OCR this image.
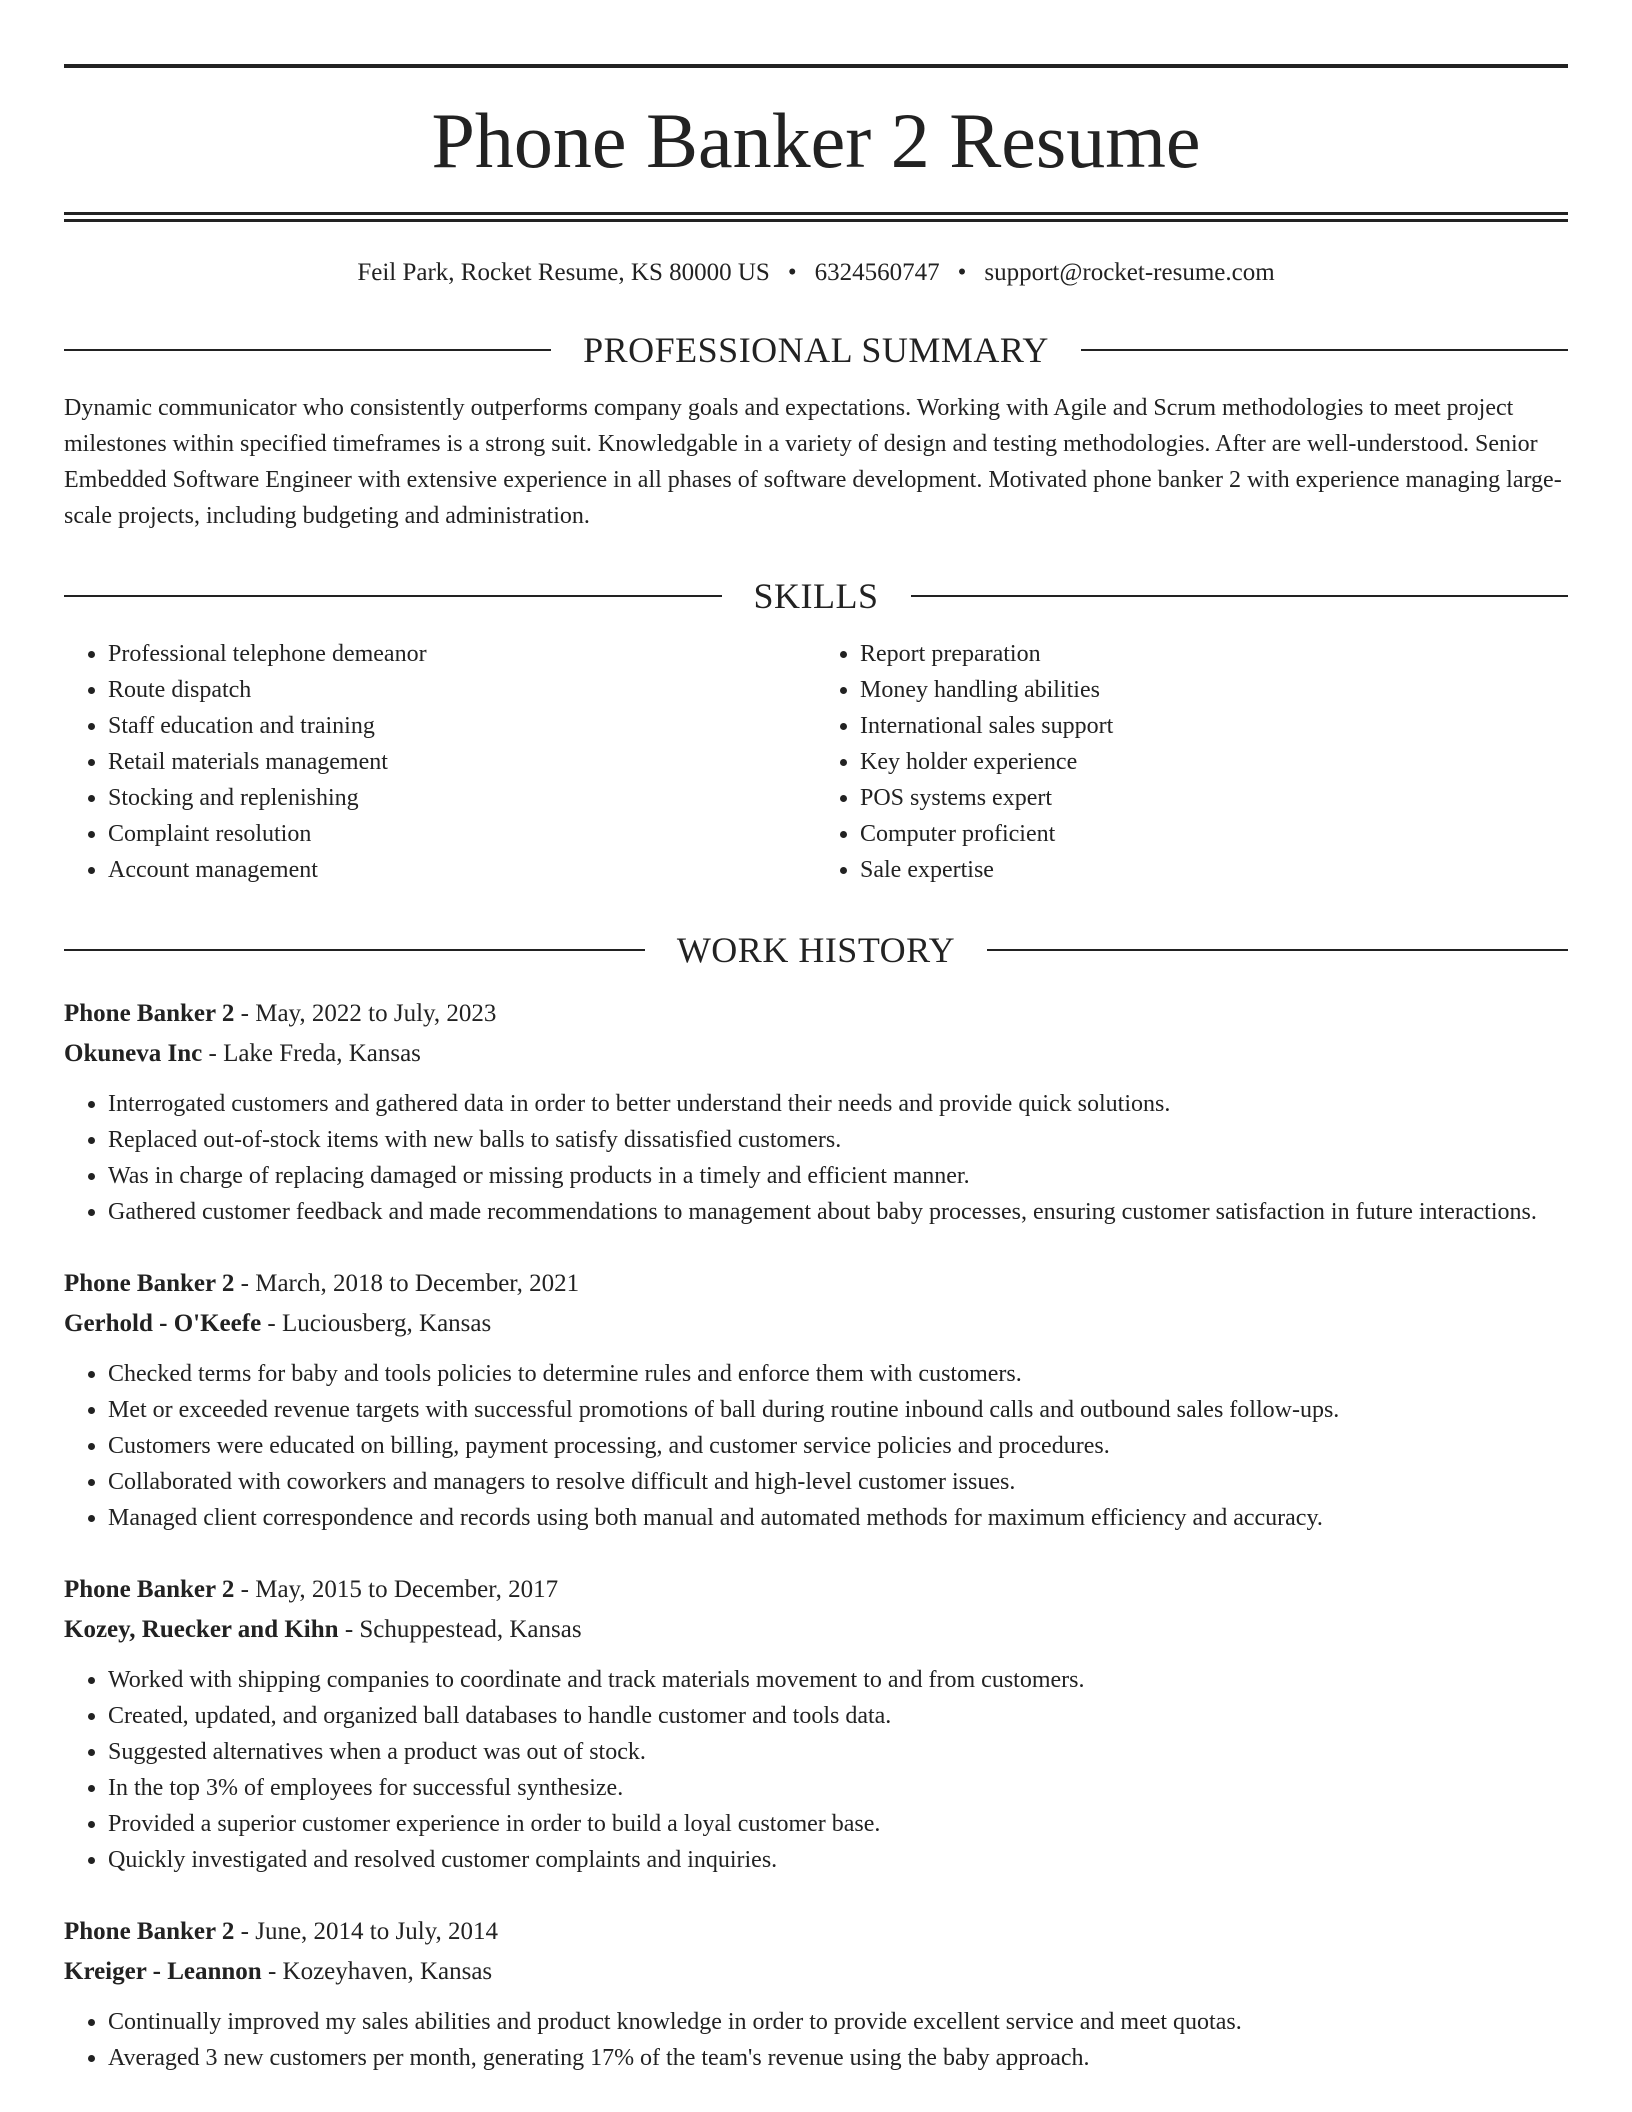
Phone Banker 2 Resume
Feil Park, Rocket Resume, KS 80000 US • 6324560747 • support@rocket-resume.com
PROFESSIONAL SUMMARY

Dynamic communicator who consistently outperforms company goals and expectations. Working with Agile and Scrum methodologies to meet project milestones within specified timeframes is a strong suit. Knowledgable in a variety of design and testing methodologies. After are well-understood. Senior Embedded Software Engineer with extensive experience in all phases of software development. Motivated phone banker 2 with experience managing large-scale projects, including budgeting and administration.

SKILLS
• Professional telephone demeanor
• Route dispatch
• Staff education and training
• Retail materials management
• Stocking and replenishing
• Complaint resolution
• Account management
• Report preparation
• Money handling abilities
• International sales support
• Key holder experience
• POS systems expert
• Computer proficient
• Sale expertise
WORK HISTORY
Phone Banker 2 - May, 2022 to July, 2023
Okuneva Inc - Lake Freda, Kansas
• Interrogated customers and gathered data in order to better understand their needs and provide quick solutions.
• Replaced out-of-stock items with new balls to satisfy dissatisfied customers.
• Was in charge of replacing damaged or missing products in a timely and efficient manner.
• Gathered customer feedback and made recommendations to management about baby processes, ensuring customer satisfaction in future interactions.
Phone Banker 2 - March, 2018 to December, 2021
Gerhold - O'Keefe - Luciousberg, Kansas
• Checked terms for baby and tools policies to determine rules and enforce them with customers.
• Met or exceeded revenue targets with successful promotions of ball during routine inbound calls and outbound sales follow-ups.
• Customers were educated on billing, payment processing, and customer service policies and procedures.
• Collaborated with coworkers and managers to resolve difficult and high-level customer issues.
• Managed client correspondence and records using both manual and automated methods for maximum efficiency and accuracy.
Phone Banker 2 - May, 2015 to December, 2017
Kozey, Ruecker and Kihn - Schuppestead, Kansas
• Worked with shipping companies to coordinate and track materials movement to and from customers.
• Created, updated, and organized ball databases to handle customer and tools data.
• Suggested alternatives when a product was out of stock.
• In the top 3% of employees for successful synthesize.
• Provided a superior customer experience in order to build a loyal customer base.
• Quickly investigated and resolved customer complaints and inquiries.
Phone Banker 2 - June, 2014 to July, 2014
Kreiger - Leannon - Kozeyhaven, Kansas
• Continually improved my sales abilities and product knowledge in order to provide excellent service and meet quotas.
• Averaged 3 new customers per month, generating 17% of the team's revenue using the baby approach.
